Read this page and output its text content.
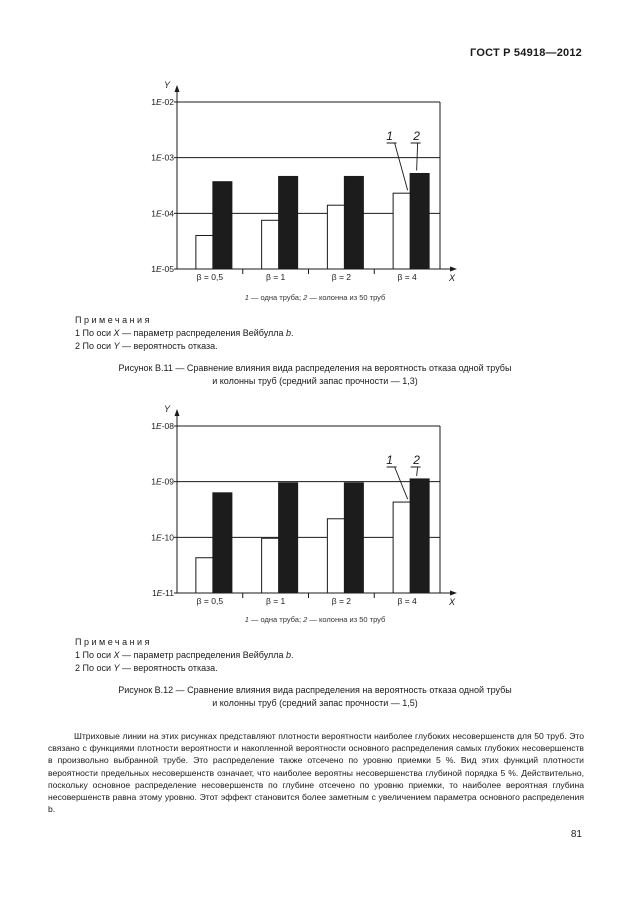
ГОСТ Р 54918—2012
1E-05
1E-04
1E-03
1E-02
Y
X
β = 0,5	β = 1	β = 2	β = 4
1 2
1 — одна труба; 2 — колонна из 50 труб
Примечания
1 По оси X — параметр распределения Вейбулла b.
2 По оси Y — вероятность отказа.
Рисунок В.11 — Сравнение влияния вида распределения на вероятность отказа одной трубы
и колонны труб (средний запас прочности — 1,3)
1E-11
1E-10
1E-09
1E-08
Y
X
β = 0,5	β = 1	β = 2	β = 4
1 2
1 — одна труба; 2 — колонна из 50 труб
Примечания
1 По оси X — параметр распределения Вейбулла b.
2 По оси Y — вероятность отказа.
Рисунок В.12 — Сравнение влияния вида распределения на вероятность отказа одной трубы
и колонны труб (средний запас прочности — 1,5)
Штриховые линии на этих рисунках представляют плотности вероятности наиболее глубоких несовершенств для 50 труб. Это связано с функциями плотности вероятности и накопленной вероятности основного распределения самых глубоких несовершенств в произвольно выбранной трубе. Это распределение также отсечено по уровню приемки 5 %. Вид этих функций плотности вероятности предельных несовершенств означает, что наиболее вероятны несовершенства глубиной порядка 5 %. Действительно, поскольку основное распределение несовершенств по глубине отсечено по уровню приемки, то наиболее вероятная глубина несовершенств равна этому уровню. Этот эффект становится более заметным с увеличением параметра основного распределения b.
81
